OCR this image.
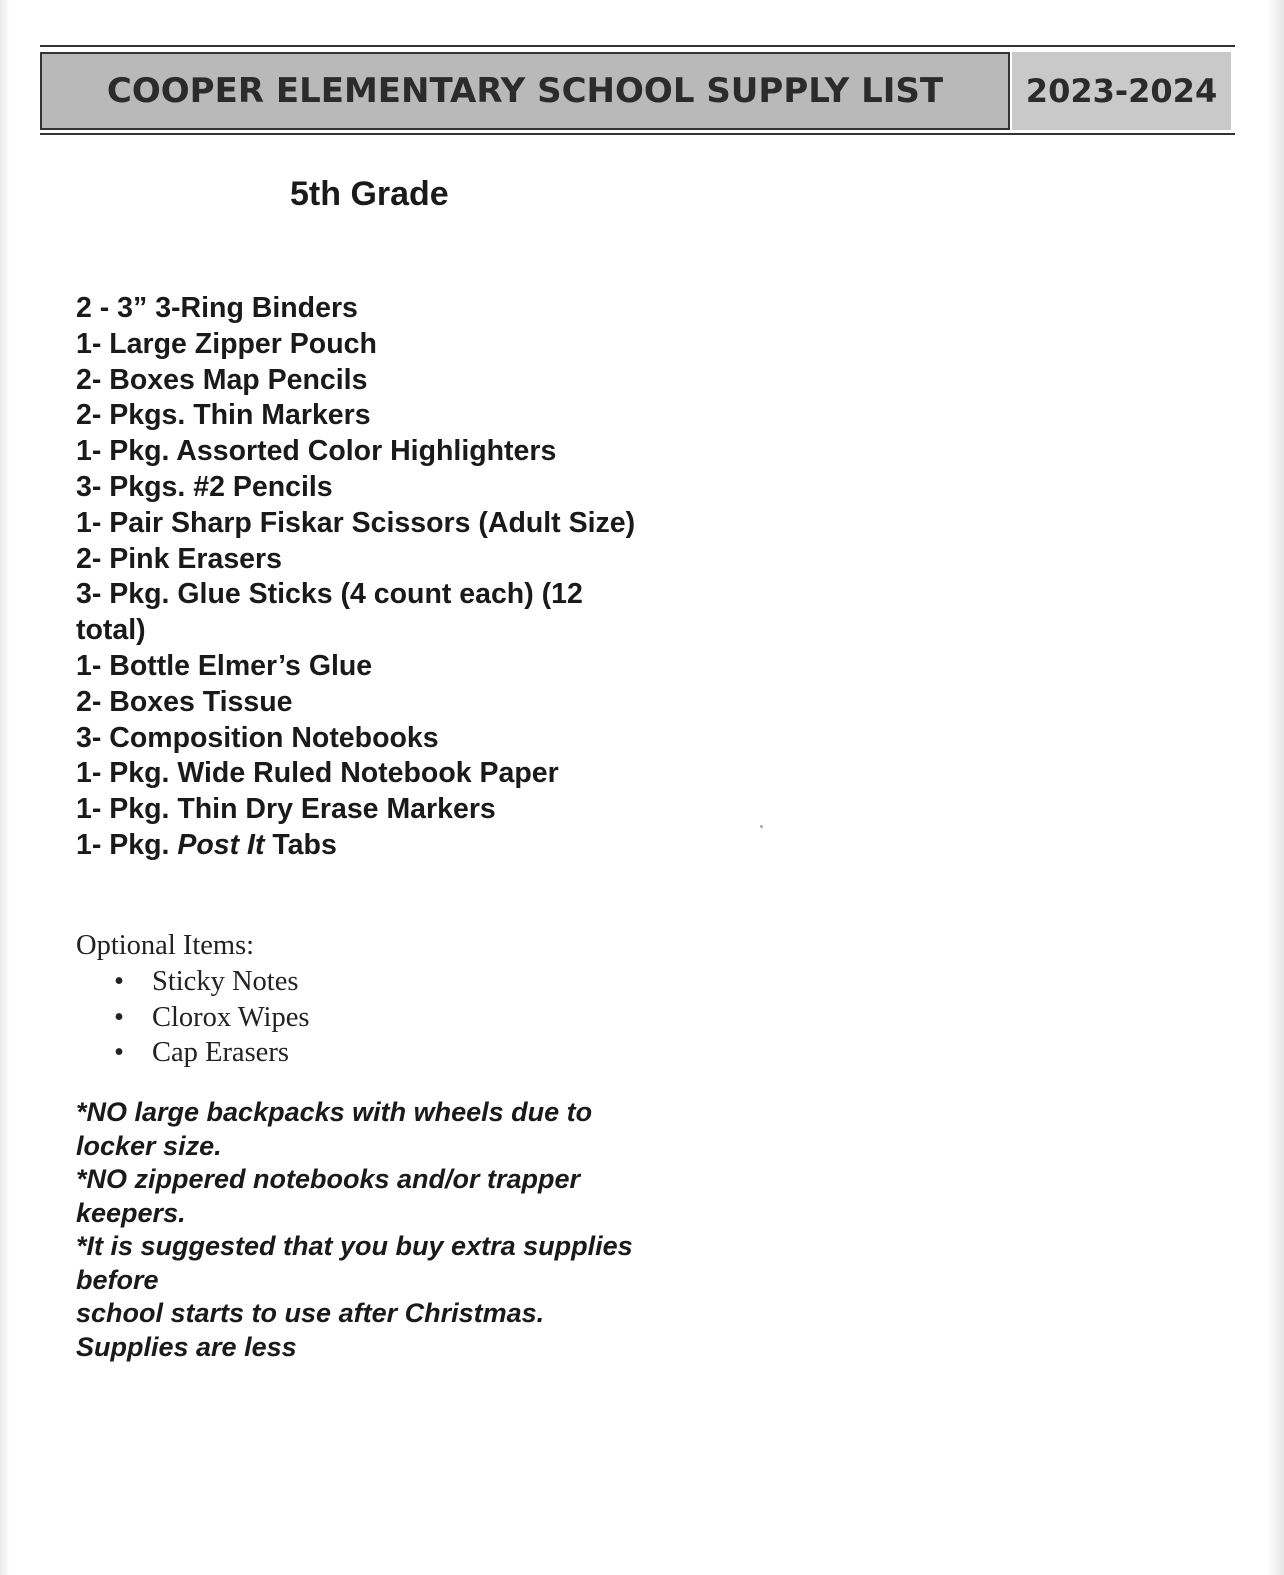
COOPER ELEMENTARY SCHOOL SUPPLY LIST	2023-2024
5th Grade
2 - 3” 3-Ring Binders
1- Large Zipper Pouch
2- Boxes Map Pencils
2- Pkgs. Thin Markers
1- Pkg. Assorted Color Highlighters
3- Pkgs. #2 Pencils
1- Pair Sharp Fiskar Scissors (Adult Size)
2- Pink Erasers
3- Pkg. Glue Sticks (4 count each) (12 total)
1- Bottle Elmer’s Glue
2- Boxes Tissue
3- Composition Notebooks
1- Pkg. Wide Ruled Notebook Paper
1- Pkg. Thin Dry Erase Markers
1- Pkg. Post It Tabs
Optional Items:
• Sticky Notes
• Clorox Wipes
• Cap Erasers
*NO large backpacks with wheels due to locker size.
*NO zippered notebooks and/or trapper keepers.
*It is suggested that you buy extra supplies before
school starts to use after Christmas. Supplies are less
